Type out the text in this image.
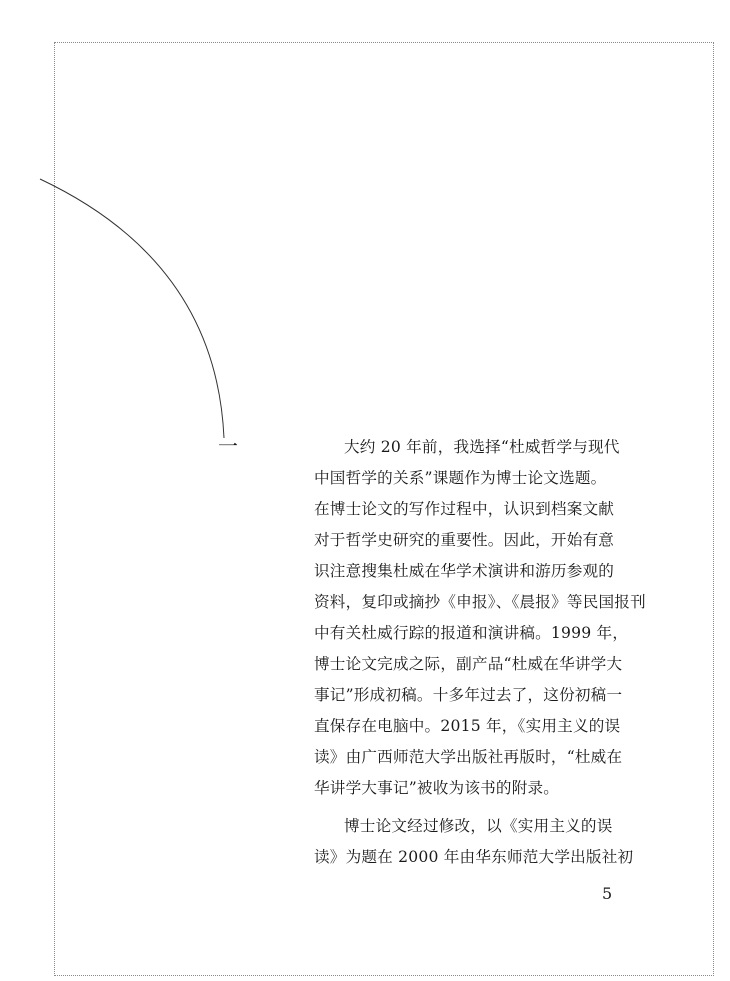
一	大约 20 年前，我选择“杜威哲学与现代
中国哲学的关系”课题作为博士论文选题。
在博士论文的写作过程中，认识到档案文献
对于哲学史研究的重要性。因此，开始有意
识注意搜集杜威在华学术演讲和游历参观的
资料，复印或摘抄《申报》、《晨报》等民国报刊
中有关杜威行踪的报道和演讲稿。1999 年，
博士论文完成之际，副产品“杜威在华讲学大
事记”形成初稿。十多年过去了，这份初稿一
直保存在电脑中。2015 年，《实用主义的误
读》由广西师范大学出版社再版时，“杜威在
华讲学大事记”被收为该书的附录。
博士论文经过修改，以《实用主义的误
读》为题在 2000 年由华东师范大学出版社初
5
